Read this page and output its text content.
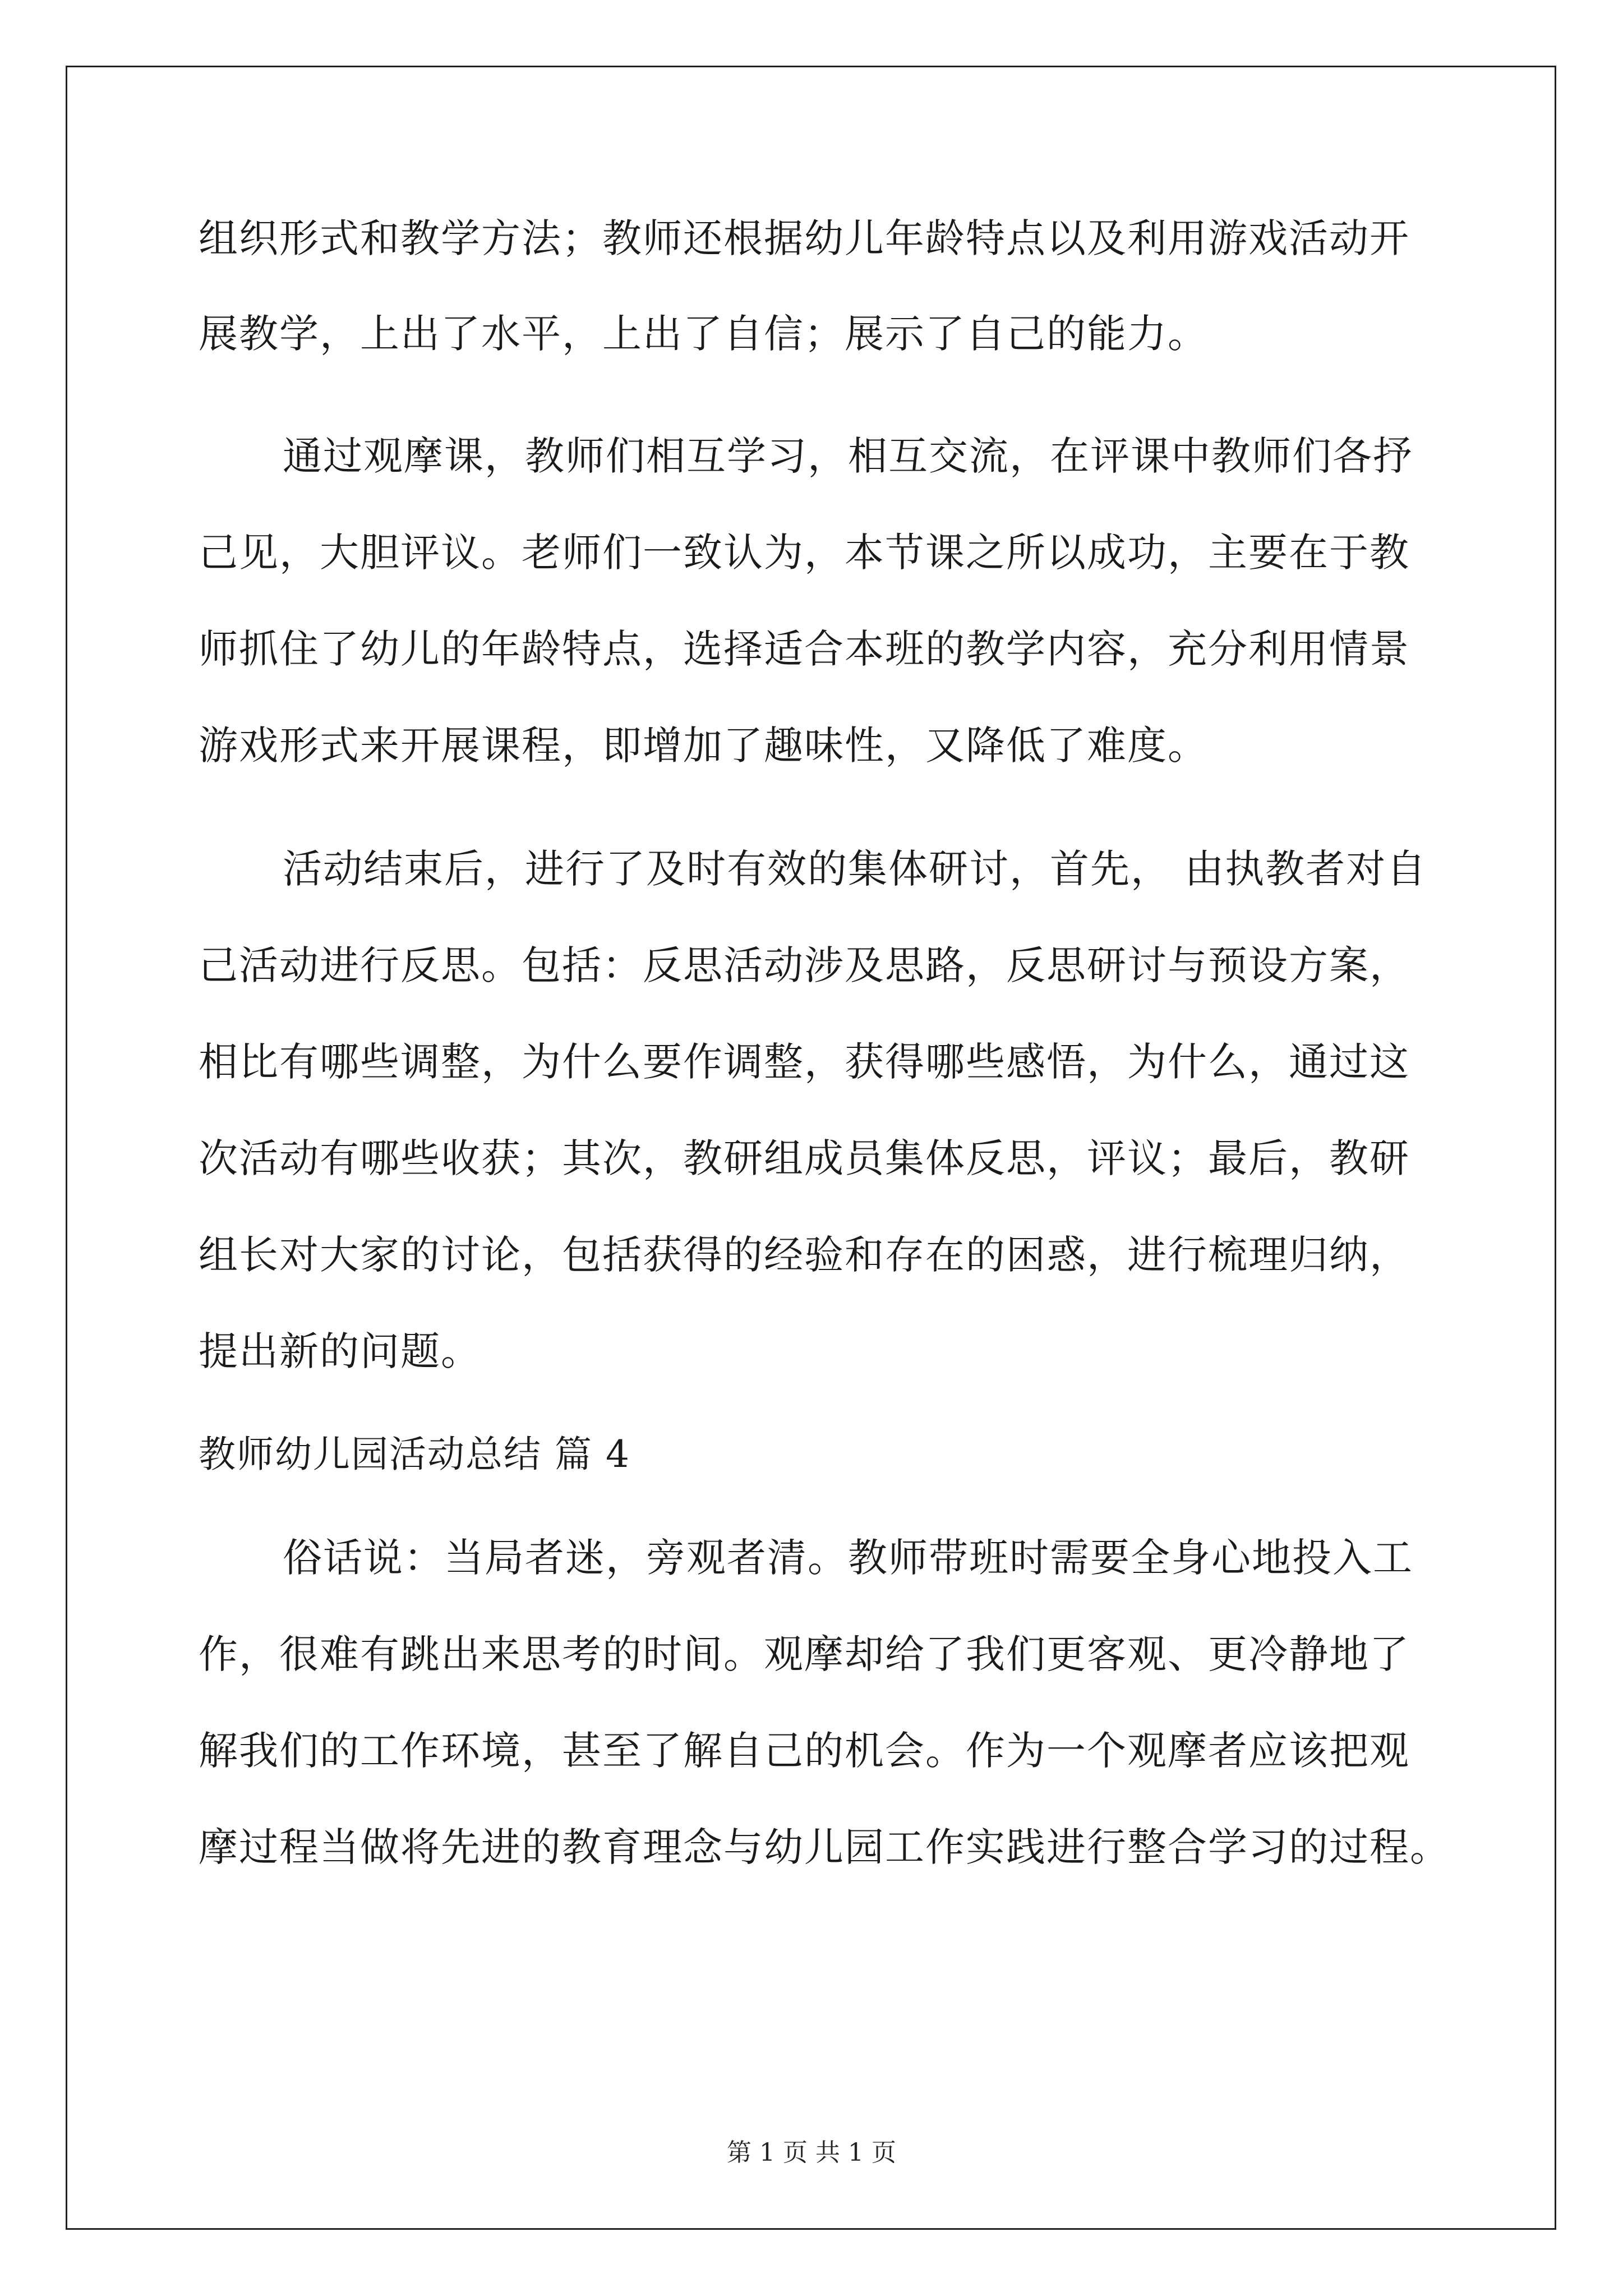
组织形式和教学方法；教师还根据幼儿年龄特点以及利用游戏活动开
展教学，上出了水平，上出了自信；展示了自己的能力。
通过观摩课，教师们相互学习，相互交流，在评课中教师们各抒
己见，大胆评议。老师们一致认为，本节课之所以成功，主要在于教
师抓住了幼儿的年龄特点，选择适合本班的教学内容，充分利用情景
游戏形式来开展课程，即增加了趣味性，又降低了难度。
活动结束后，进行了及时有效的集体研讨，首先， 由执教者对自
己活动进行反思。包括：反思活动涉及思路，反思研讨与预设方案，
相比有哪些调整，为什么要作调整，获得哪些感悟，为什么，通过这
次活动有哪些收获；其次，教研组成员集体反思，评议；最后，教研
组长对大家的讨论，包括获得的经验和存在的困惑，进行梳理归纳，
提出新的问题。
教师幼儿园活动总结 篇 4
俗话说：当局者迷，旁观者清。教师带班时需要全身心地投入工
作，很难有跳出来思考的时间。观摩却给了我们更客观、更冷静地了
解我们的工作环境，甚至了解自己的机会。作为一个观摩者应该把观
摩过程当做将先进的教育理念与幼儿园工作实践进行整合学习的过程。
第 1 页 共 1 页
